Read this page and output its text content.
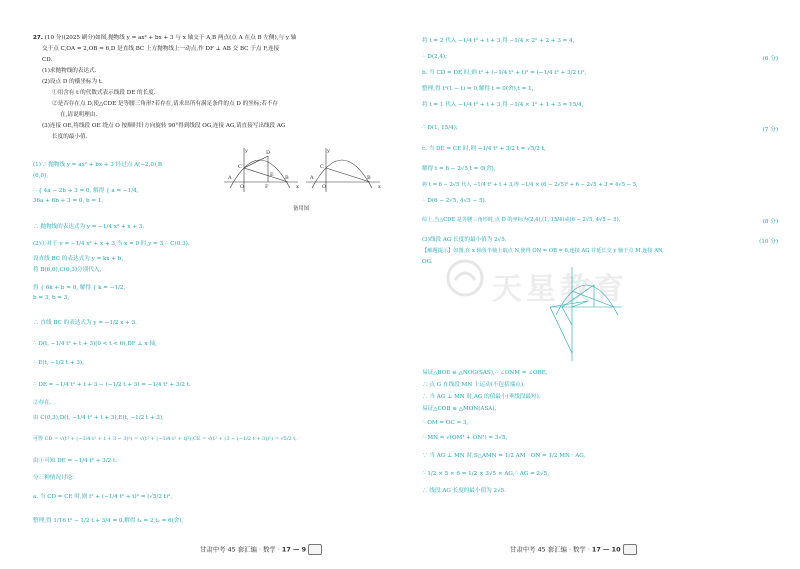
27. (10 分)(2025 刷分)如图,抛物线 y = ax² + bx + 3 与 x 轴交于 A,B 两点(点 A 在点 B 左侧),与 y 轴
交于点 C,OA = 2,OB = 6,D 是直线 BC 上方抛物线上一动点,作 DF ⊥ AB 交 BC 于点 F,连接
CD.
(1)求抛物线的表达式.
(2)设点 D 的横坐标为 t.
①用含有 t 的代数式表示线段 DE 的长度.
②是否存在点 D,使△CDE 是等腰三角形?若存在,请求出所有满足条件的点 D 的坐标;若不存
在,请说明理由.
(3)连接 OE,将线段 OE 绕点 O 按顺时针方向旋转 90°得到线段 OG,连接 AG,请直接写出线段 AG
长度的最小值.
y
C
D
A
O	F
E B
x
y
C
A
O
B
x
备用图
(1)∵ 抛物线 y = ax² + bx + 3 经过点 A(−2,0),B
(6,0),
∴ { 4a − 2b + 3 = 0, 解得 { a = −1/4,
36a + 6b + 3 = 0, b = 1,
∴ 抛物线的表达式为 y = −1/4 x² + x + 3.
(2)①对于 y = −1/4 x² + x + 3,当 x = 0 时,y = 3,∴ C(0,3).
设直线 BC 的表达式为 y = kx + b,
将 B(6,0),C(0,3)分别代入,
得 { 6k + b = 0, 解得 { k = −1/2,
b = 3, b = 3,
∴ 直线 BC 的表达式为 y = −1/2 x + 3.
∴ D(t, −1/4 t² + t + 3)(0 < t < 6),DF ⊥ x 轴,
∴ E(t, −1/2 t + 3),
∴ DE = −1/4 t² + t + 3 − (−1/2 t + 3) = −1/4 t² + 3/2 t.
②存在.
由 C(0,3),D(t, −1/4 t² + t + 3),E(t, −1/2 t + 3),
可得 CD = √(t² + (−1/4 t² + t + 3 − 3)²) = √(t² + (−1/4 t² + t)²),CE = √(t² + (3 − (−1/2 t + 3))²) = √5/2 t,
由①可知 DE = −1/4 t² + 3/2 t.
分三种情况讨论:
a. 当 CD = CE 时,则 t² + (−1/4 t² + t)² = (√5/2 t)²,
整理,得 1/16 t² − 1/2 t + 3/4 = 0,解得 t₁ = 2,t₂ = 6(舍),
甘肃中考 45 套汇编 · 数学 · 17 — 9
将 t = 2 代入 −1/4 t² + t + 3,得 −1/4 × 2² + 2 + 3 = 4,
∴ D(2,4);	(6 分)
b. 当 CD = DE 时,则 t² + (−1/4 t² + t)² = (−1/4 t² + 3/2 t)²,
整理,得 t²(1 − t) = 0,解得 t = 0(舍),t = 1,
将 t = 1 代入 −1/4 t² + t + 3,得 −1/4 × 1² + 1 + 3 = 15/4,
∴ D(1, 15/4);	(7 分)
c. 当 DE = CE 时,则 −1/4 t² + 3/2 t = √5/2 t,
解得 t = 6 − 2√5,t = 0(舍),
将 t = 6 − 2√5 代入 −1/4 t² + t + 3,得 −1/4 × (6 − 2√5)² + 6 − 2√5 + 3 = 4√5 − 5,
∴ D(6 − 2√5, 4√5 − 5).
综上,当△CDE 是等腰三角形时,点 D 的坐标为(2,4),(1, 15/4)或(6 − 2√5, 4√5 − 5).	(8 分)
(3)线段 AG 长度的最小值为 2√5.	(10 分)
【解题提示】如图,在 x 轴负半轴上取点 N,使得 ON = OB = 6,连接 AG 并延长交 y 轴于点 M,连接 AN,
OG.
天星教育
易证△BOE ≌ △NOG(SAS),∴ ∠ONM = ∠OBE,
∴ 点 G 在线段 MN 上运动(不包括端点).
∴ 当 AG ⊥ MN 时,AG 的值最小(垂线段最短).
易证△COB ≌ △MON(ASA),
∴ OM = OC = 3,
∴ MN = √(OM² + ON²) = 3√5,
∵ 当 AG ⊥ MN 时,S△AMN = 1/2 AM · ON = 1/2 MN · AG,
∴ 1/2 × 5 × 6 = 1/2 × 3√5 × AG,∴ AG = 2√5,
∴ 线段 AG 长度的最小值为 2√5.
甘肃中考 45 套汇编 · 数学 · 17 — 10
